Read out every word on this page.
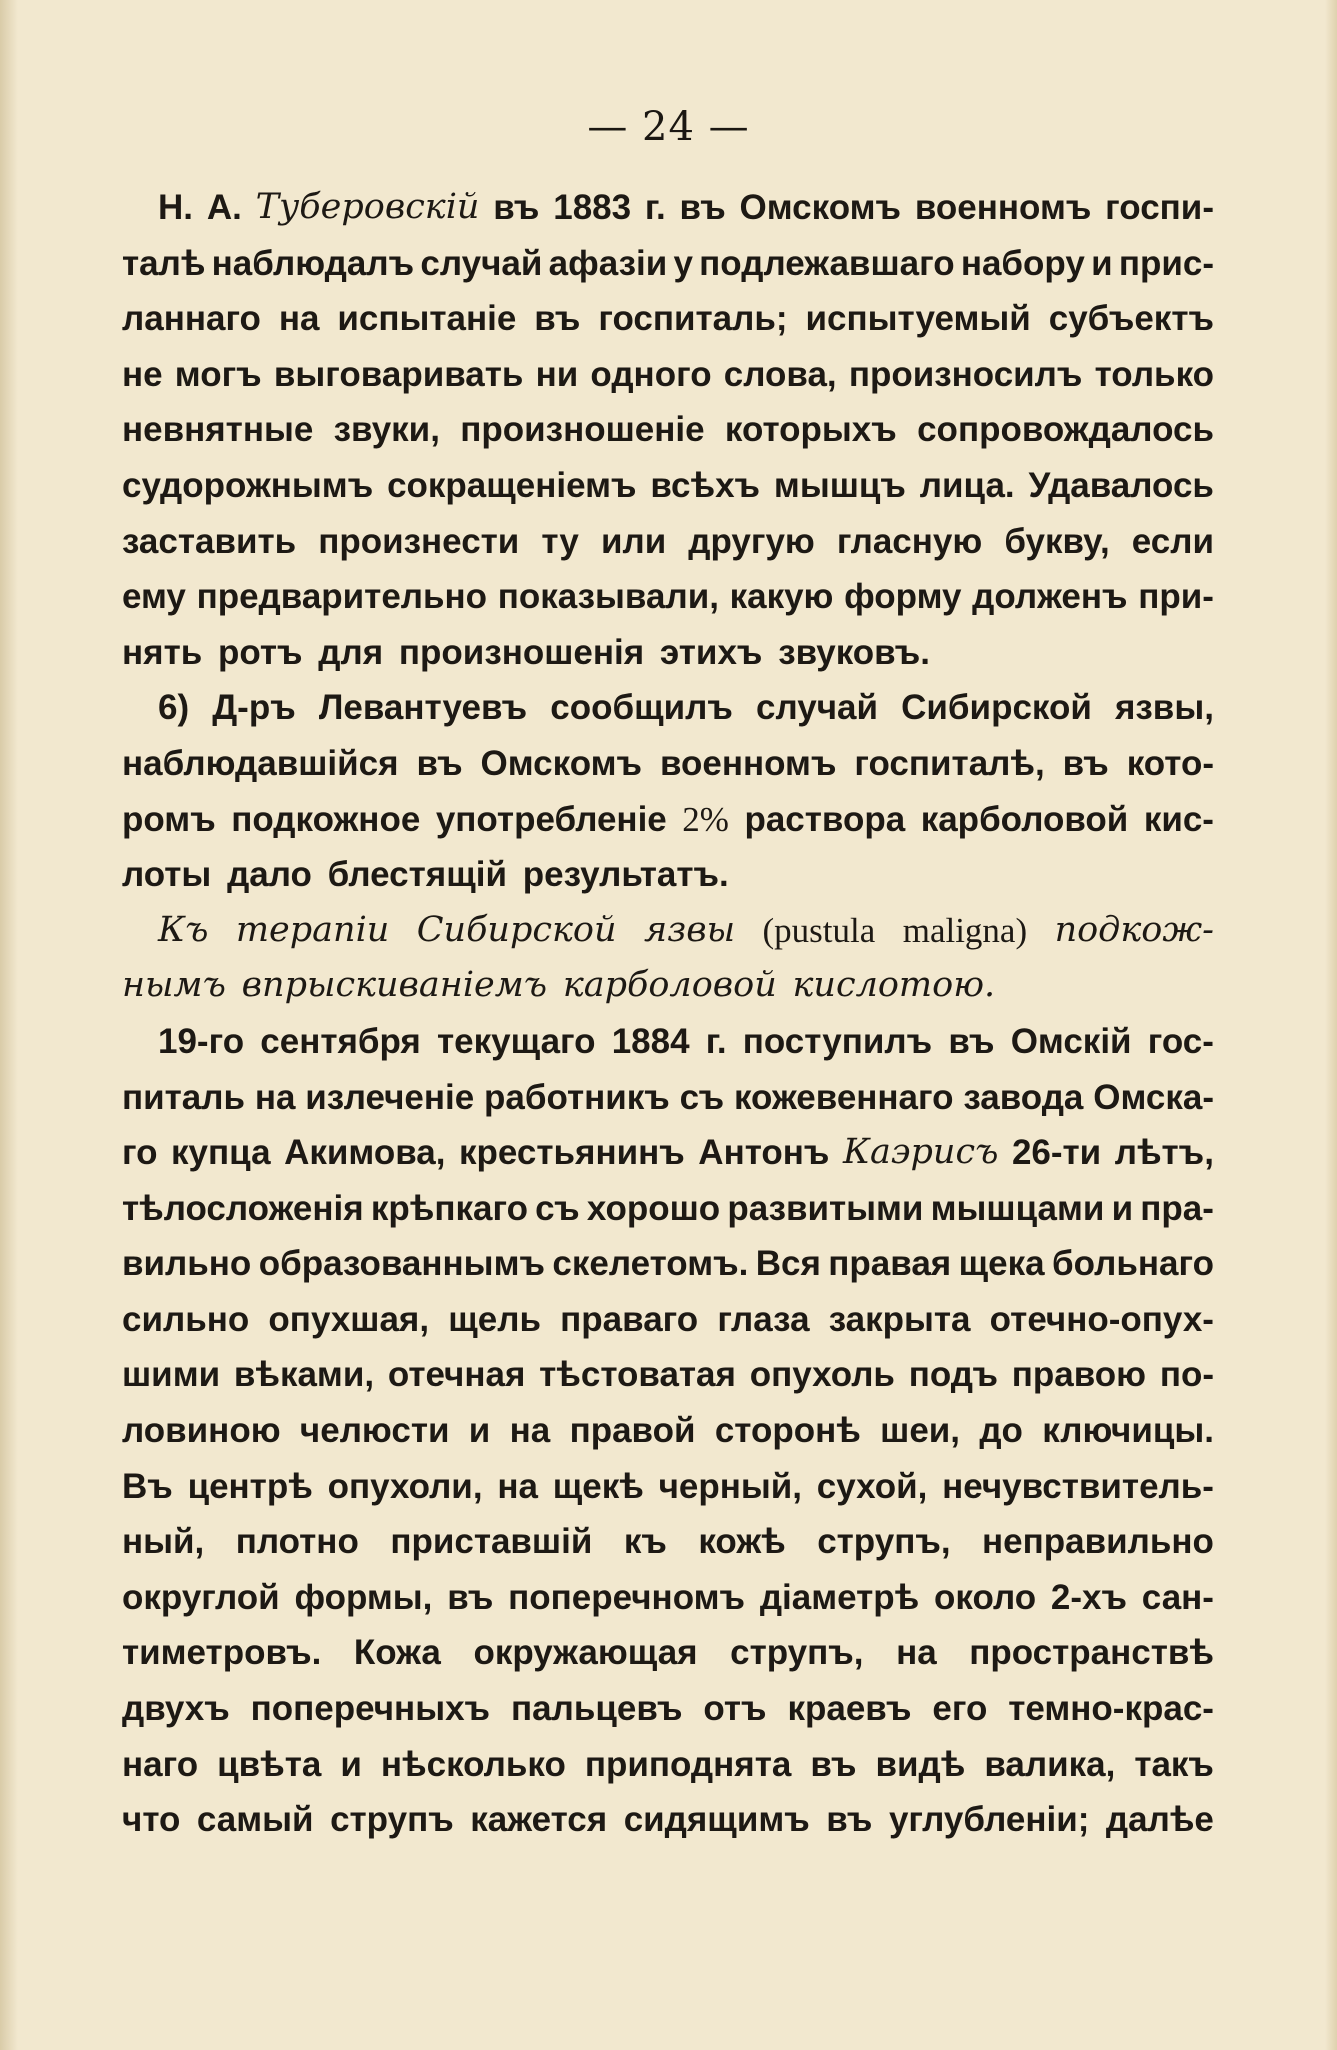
— 24 —
Н. А. Туберовскій въ 1883 г. въ Омскомъ военномъ госпи-
талѣ наблюдалъ случай афазіи у подлежавшаго набору и прис-
ланнаго на испытаніе въ госпиталь; испытуемый субъектъ
не могъ выговаривать ни одного слова, произносилъ только
невнятные звуки, произношеніе которыхъ сопровождалось
судорожнымъ сокращеніемъ всѣхъ мышцъ лица. Удавалось
заставить произнести ту или другую гласную букву, если
ему предварительно показывали, какую форму долженъ при-
нять ротъ для произношенія этихъ звуковъ.
6) Д-ръ Левантуевъ сообщилъ случай Сибирской язвы,
наблюдавшійся въ Омскомъ военномъ госпиталѣ, въ кото-
ромъ подкожное употребленіе 2% раствора карболовой кис-
лоты дало блестящій результатъ.
Къ терапіи Сибирской язвы (pustula maligna) подкож-
нымъ впрыскиваніемъ карболовой кислотою.
19-го сентября текущаго 1884 г. поступилъ въ Омскій гос-
питаль на излеченіе работникъ съ кожевеннаго завода Омска-
го купца Акимова, крестьянинъ Антонъ Каэрисъ 26-ти лѣтъ,
тѣлосложенія крѣпкаго съ хорошо развитыми мышцами и пра-
вильно образованнымъ скелетомъ. Вся правая щека больнаго
сильно опухшая, щель праваго глаза закрыта отечно-опух-
шими вѣками, отечная тѣстоватая опухоль подъ правою по-
ловиною челюсти и на правой сторонѣ шеи, до ключицы.
Въ центрѣ опухоли, на щекѣ черный, сухой, нечувствитель-
ный, плотно приставшій къ кожѣ струпъ, неправильно
округлой формы, въ поперечномъ діаметрѣ около 2-хъ сан-
тиметровъ. Кожа окружающая струпъ, на пространствѣ
двухъ поперечныхъ пальцевъ отъ краевъ его темно-крас-
наго цвѣта и нѣсколько приподнята въ видѣ валика, такъ
что самый струпъ кажется сидящимъ въ углубленіи; далѣе
